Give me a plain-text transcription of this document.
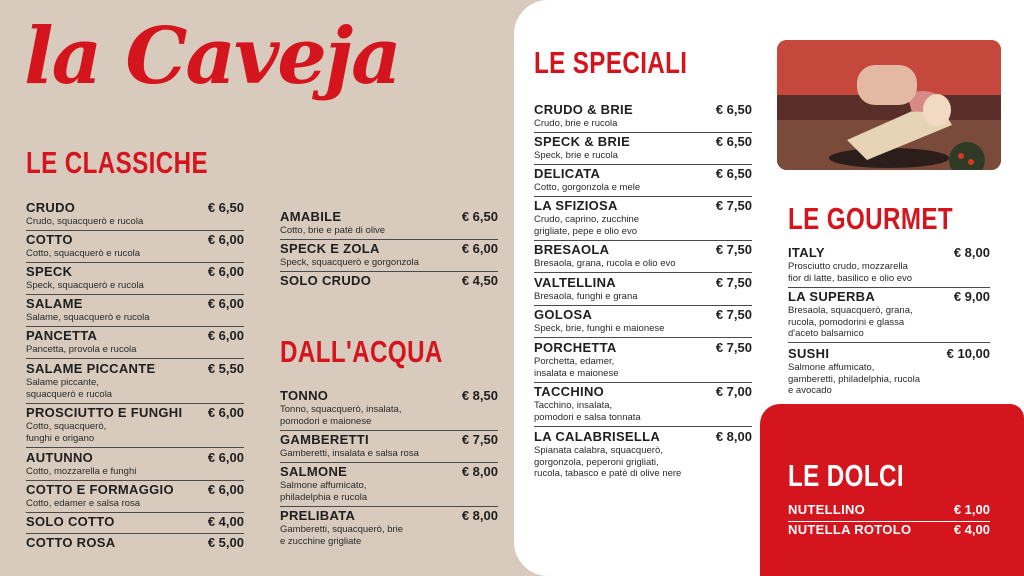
la Caveja
LE CLASSICHE
DALL'ACQUA
LE SPECIALI
LE GOURMET
LE DOLCI
CRUDO	€ 6,50
Crudo, squacquerò e rucola
COTTO	€ 6,00
Cotto, squacquerò e rucola
SPECK	€ 6,00
Speck, squacquerò e rucola
SALAME	€ 6,00
Salame, squacquerò e rucola
PANCETTA	€ 6,00
Pancetta, provola e rucola
SALAME PICCANTE	€ 5,50
Salame piccante,
squacquerò e rucola
PROSCIUTTO E FUNGHI € 6,00
Cotto, squacquerò,
funghi e origano
AUTUNNO	€ 6,00
Cotto, mozzarella e funghi
COTTO E FORMAGGIO	€ 6,00
Cotto, edamer e salsa rosa
SOLO COTTO	€ 4,00
COTTO ROSA	€ 5,00
AMABILE	€ 6,50
Cotto, brie e patè di olive
SPECK E ZOLA	€ 6,00
Speck, squacquerò e gorgonzola
SOLO CRUDO	€ 4,50
TONNO	€ 8,50
Tonno, squacquerò, insalata,
pomodori e maionese
GAMBERETTI	€ 7,50
Gamberetti, insalata e salsa rosa
SALMONE	€ 8,00
Salmone affumicato,
philadelphia e rucola
PRELIBATA	€ 8,00
Gamberetti, squacquerò, brie
e zucchine grigliate
CRUDO & BRIE	€ 6,50
Crudo, brie e rucola
SPECK & BRIE	€ 6,50
Speck, brie e rucola
DELICATA	€ 6,50
Cotto, gorgonzola e mele
LA SFIZIOSA	€ 7,50
Crudo, caprino, zucchine
grigliate, pepe e olio evo
BRESAOLA	€ 7,50
Bresaola, grana, rucola e olio evo
VALTELLINA	€ 7,50
Bresaola, funghi e grana
GOLOSA	€ 7,50
Speck, brie, funghi e maionese
PORCHETTA	€ 7,50
Porchetta, edamer,
insalata e maionese
TACCHINO	€ 7,00
Tacchino, insalata,
pomodori e salsa tonnata
LA CALABRISELLA	€ 8,00
Spianata calabra, squacquerò,
gorgonzola, peperoni grigliati,
rucola, tabasco e patè di olive nere
ITALY	€ 8,00
Prosciutto crudo, mozzarella
fior di latte, basilico e olio evo
LA SUPERBA	€ 9,00
Bresaola, squacquerò, grana,
rucola, pomodorini e glassa
d'aceto balsamico
SUSHI	€ 10,00
Salmone affumicato,
gamberetti, philadelphia, rucola
e avocado
NUTELLINO	€ 1,00
NUTELLA ROTOLO	€ 4,00
